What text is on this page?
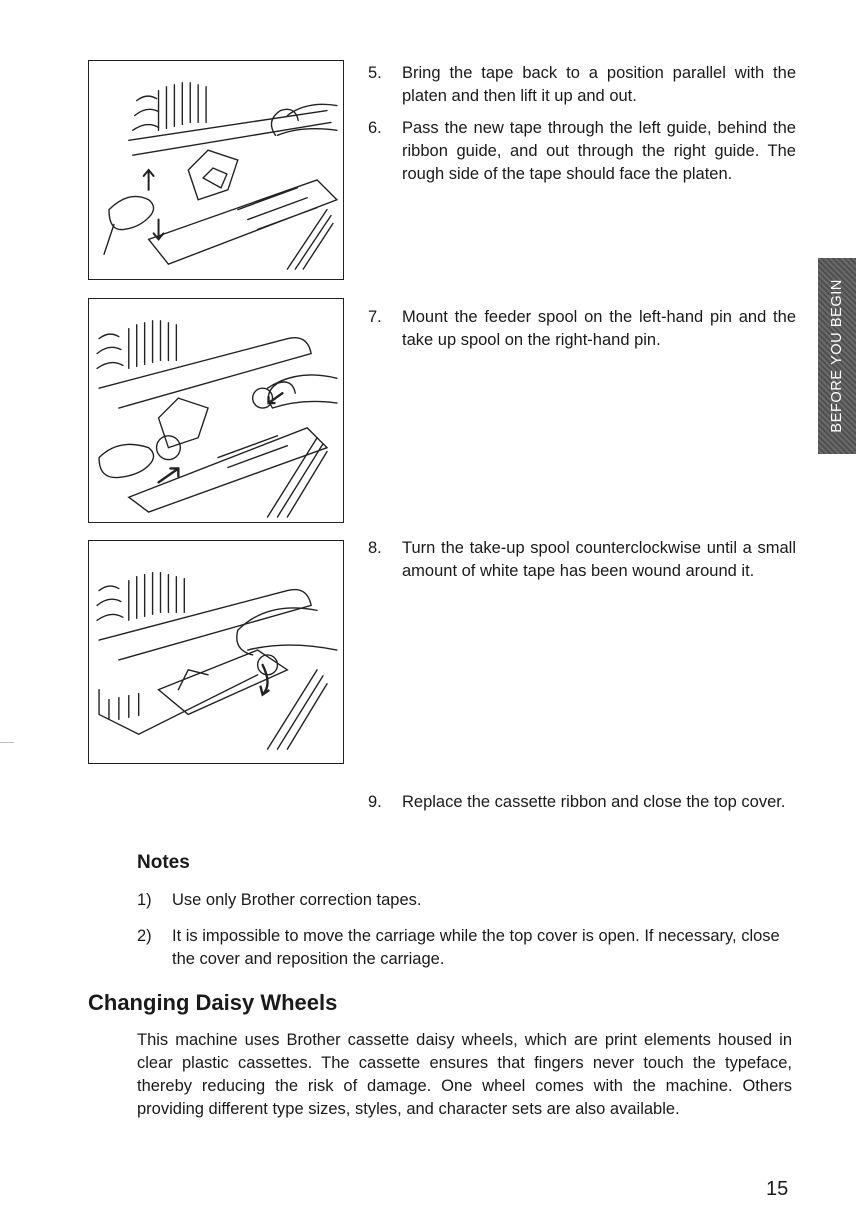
5. Bring the tape back to a position parallel with the platen and then lift it up and out.
6. Pass the new tape through the left guide, behind the ribbon guide, and out through the right guide. The rough side of the tape should face the platen.
7. Mount the feeder spool on the left-hand pin and the take up spool on the right-hand pin.
8. Turn the take-up spool counterclockwise until a small amount of white tape has been wound around it.
9. Replace the cassette ribbon and close the top cover.
Notes
1) Use only Brother correction tapes.
2) It is impossible to move the carriage while the top cover is open. If necessary, close the cover and reposition the carriage.
Changing Daisy Wheels

This machine uses Brother cassette daisy wheels, which are print elements housed in clear plastic cassettes. The cassette ensures that fingers never touch the typeface, thereby reducing the risk of damage. One wheel comes with the machine. Others providing different type sizes, styles, and character sets are also available.

BEFORE YOU BEGIN
15
